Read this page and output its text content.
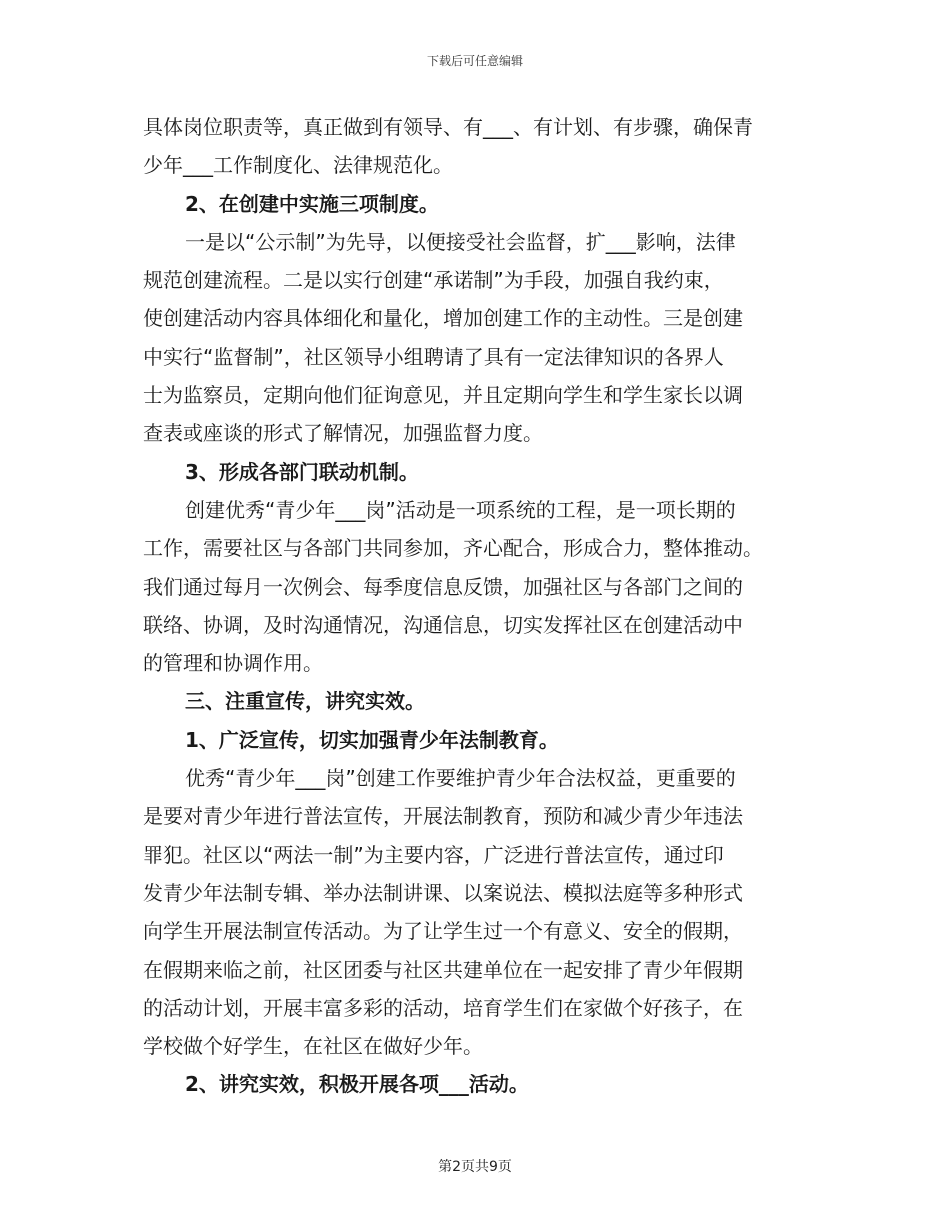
下载后可任意编辑
具体岗位职责等，真正做到有领导、有___、有计划、有步骤，确保青
少年___工作制度化、法律规范化。
2、在创建中实施三项制度。
一是以“公示制”为先导，以便接受社会监督，扩___影响，法律
规范创建流程。二是以实行创建“承诺制”为手段，加强自我约束，
使创建活动内容具体细化和量化，增加创建工作的主动性。三是创建
中实行“监督制”，社区领导小组聘请了具有一定法律知识的各界人
士为监察员，定期向他们征询意见，并且定期向学生和学生家长以调
查表或座谈的形式了解情况，加强监督力度。
3、形成各部门联动机制。
创建优秀“青少年___岗”活动是一项系统的工程，是一项长期的
工作，需要社区与各部门共同参加，齐心配合，形成合力，整体推动。
我们通过每月一次例会、每季度信息反馈，加强社区与各部门之间的
联络、协调，及时沟通情况，沟通信息，切实发挥社区在创建活动中
的管理和协调作用。
三、注重宣传，讲究实效。
1、广泛宣传，切实加强青少年法制教育。
优秀“青少年___岗”创建工作要维护青少年合法权益，更重要的
是要对青少年进行普法宣传，开展法制教育，预防和减少青少年违法
罪犯。社区以“两法一制”为主要内容，广泛进行普法宣传，通过印
发青少年法制专辑、举办法制讲课、以案说法、模拟法庭等多种形式
向学生开展法制宣传活动。为了让学生过一个有意义、安全的假期，
在假期来临之前，社区团委与社区共建单位在一起安排了青少年假期
的活动计划，开展丰富多彩的活动，培育学生们在家做个好孩子，在
学校做个好学生，在社区在做好少年。
2、讲究实效，积极开展各项___活动。
第2页共9页
